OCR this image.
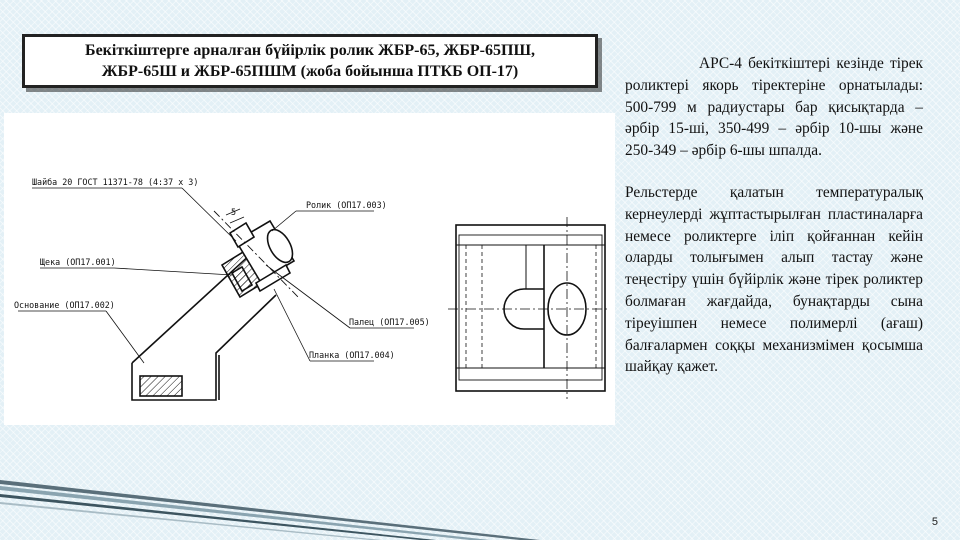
Бекіткіштерге арналған бүйірлік ролик ЖБР-65, ЖБР-65ПШ,
ЖБР-65Ш и ЖБР-65ПШМ (жоба бойынша ПТКБ ОП-17)
Шайба 20 ГОСТ 11371-78 (4:37 x 3)
Ролик (ОП17.003)
Щека (ОП17.001)
Основание (ОП17.002)
Палец (ОП17.005)
Планка (ОП17.004)
5

АРС-4 бекіткіштері кезінде тірек роликтері якорь тіректеріне орнатылады: 500-799 м радиустары бар қисықтарда – әрбір 15-ші, 350-499 – әрбір 10-шы және 250-349 – әрбір 6-шы шпалда.

Рельстерде қалатын температуралық кернеулерді жұптастырылған пластиналарға немесе роликтерге іліп қойғаннан кейін оларды толығымен алып тастау және теңестіру үшін бүйірлік және тірек роликтер болмаған жағдайда, бунақтарды сына тіреуішпен немесе полимерлі (ағаш) балғалармен соққы механизмімен қосымша шайқау қажет.

5
